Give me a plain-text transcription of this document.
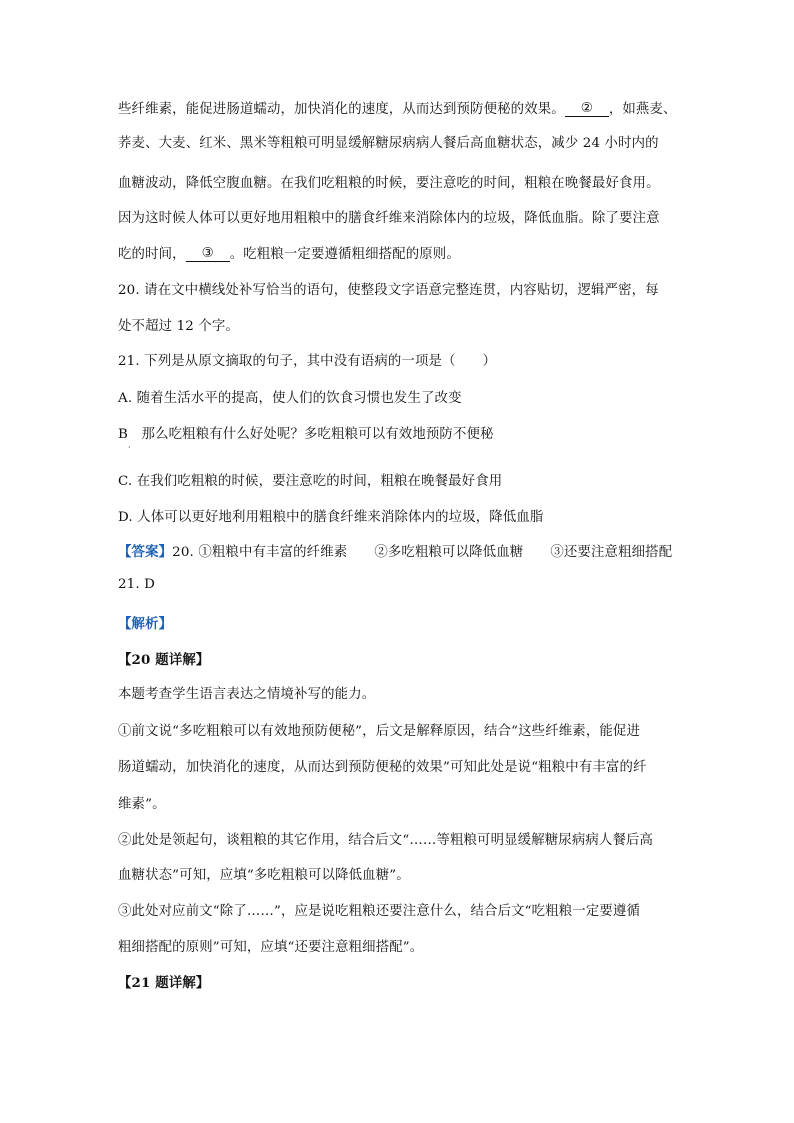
些纤维素，能促进肠道蠕动，加快消化的速度，从而达到预防便秘的效果。 ② ，如燕麦、
荞麦、大麦、红米、黑米等粗粮可明显缓解糖尿病病人餐后高血糖状态，减少 24 小时内的
血糖波动，降低空腹血糖。在我们吃粗粮的时候，要注意吃的时间，粗粮在晚餐最好食用。
因为这时候人体可以更好地用粗粮中的膳食纤维来消除体内的垃圾，降低血脂。除了要注意
吃的时间， ③ 。吃粗粮一定要遵循粗细搭配的原则。
20. 请在文中横线处补写恰当的语句，使整段文字语意完整连贯，内容贴切，逻辑严密，每
处不超过 12 个字。
21. 下列是从原文摘取的句子，其中没有语病的一项是（　　）
A. 随着生活水平的提高，使人们的饮食习惯也发生了改变
B　那么吃粗粮有什么好处呢？多吃粗粮可以有效地预防不便秘
·
C. 在我们吃粗粮的时候，要注意吃的时间，粗粮在晚餐最好食用
D. 人体可以更好地利用粗粮中的膳食纤维来消除体内的垃圾，降低血脂
【答案】20. ①粗粮中有丰富的纤维素　　②多吃粗粮可以降低血糖　　③还要注意粗细搭配
21. D
【解析】
【20 题详解】
本题考查学生语言表达之情境补写的能力。
①前文说“多吃粗粮可以有效地预防便秘”，后文是解释原因，结合“这些纤维素，能促进
肠道蠕动，加快消化的速度，从而达到预防便秘的效果”可知此处是说“粗粮中有丰富的纤
维素”。
②此处是领起句，谈粗粮的其它作用，结合后文“……等粗粮可明显缓解糖尿病病人餐后高
血糖状态”可知，应填“多吃粗粮可以降低血糖”。
③此处对应前文“除了……”，应是说吃粗粮还要注意什么，结合后文“吃粗粮一定要遵循
粗细搭配的原则”可知，应填“还要注意粗细搭配”。
【21 题详解】
